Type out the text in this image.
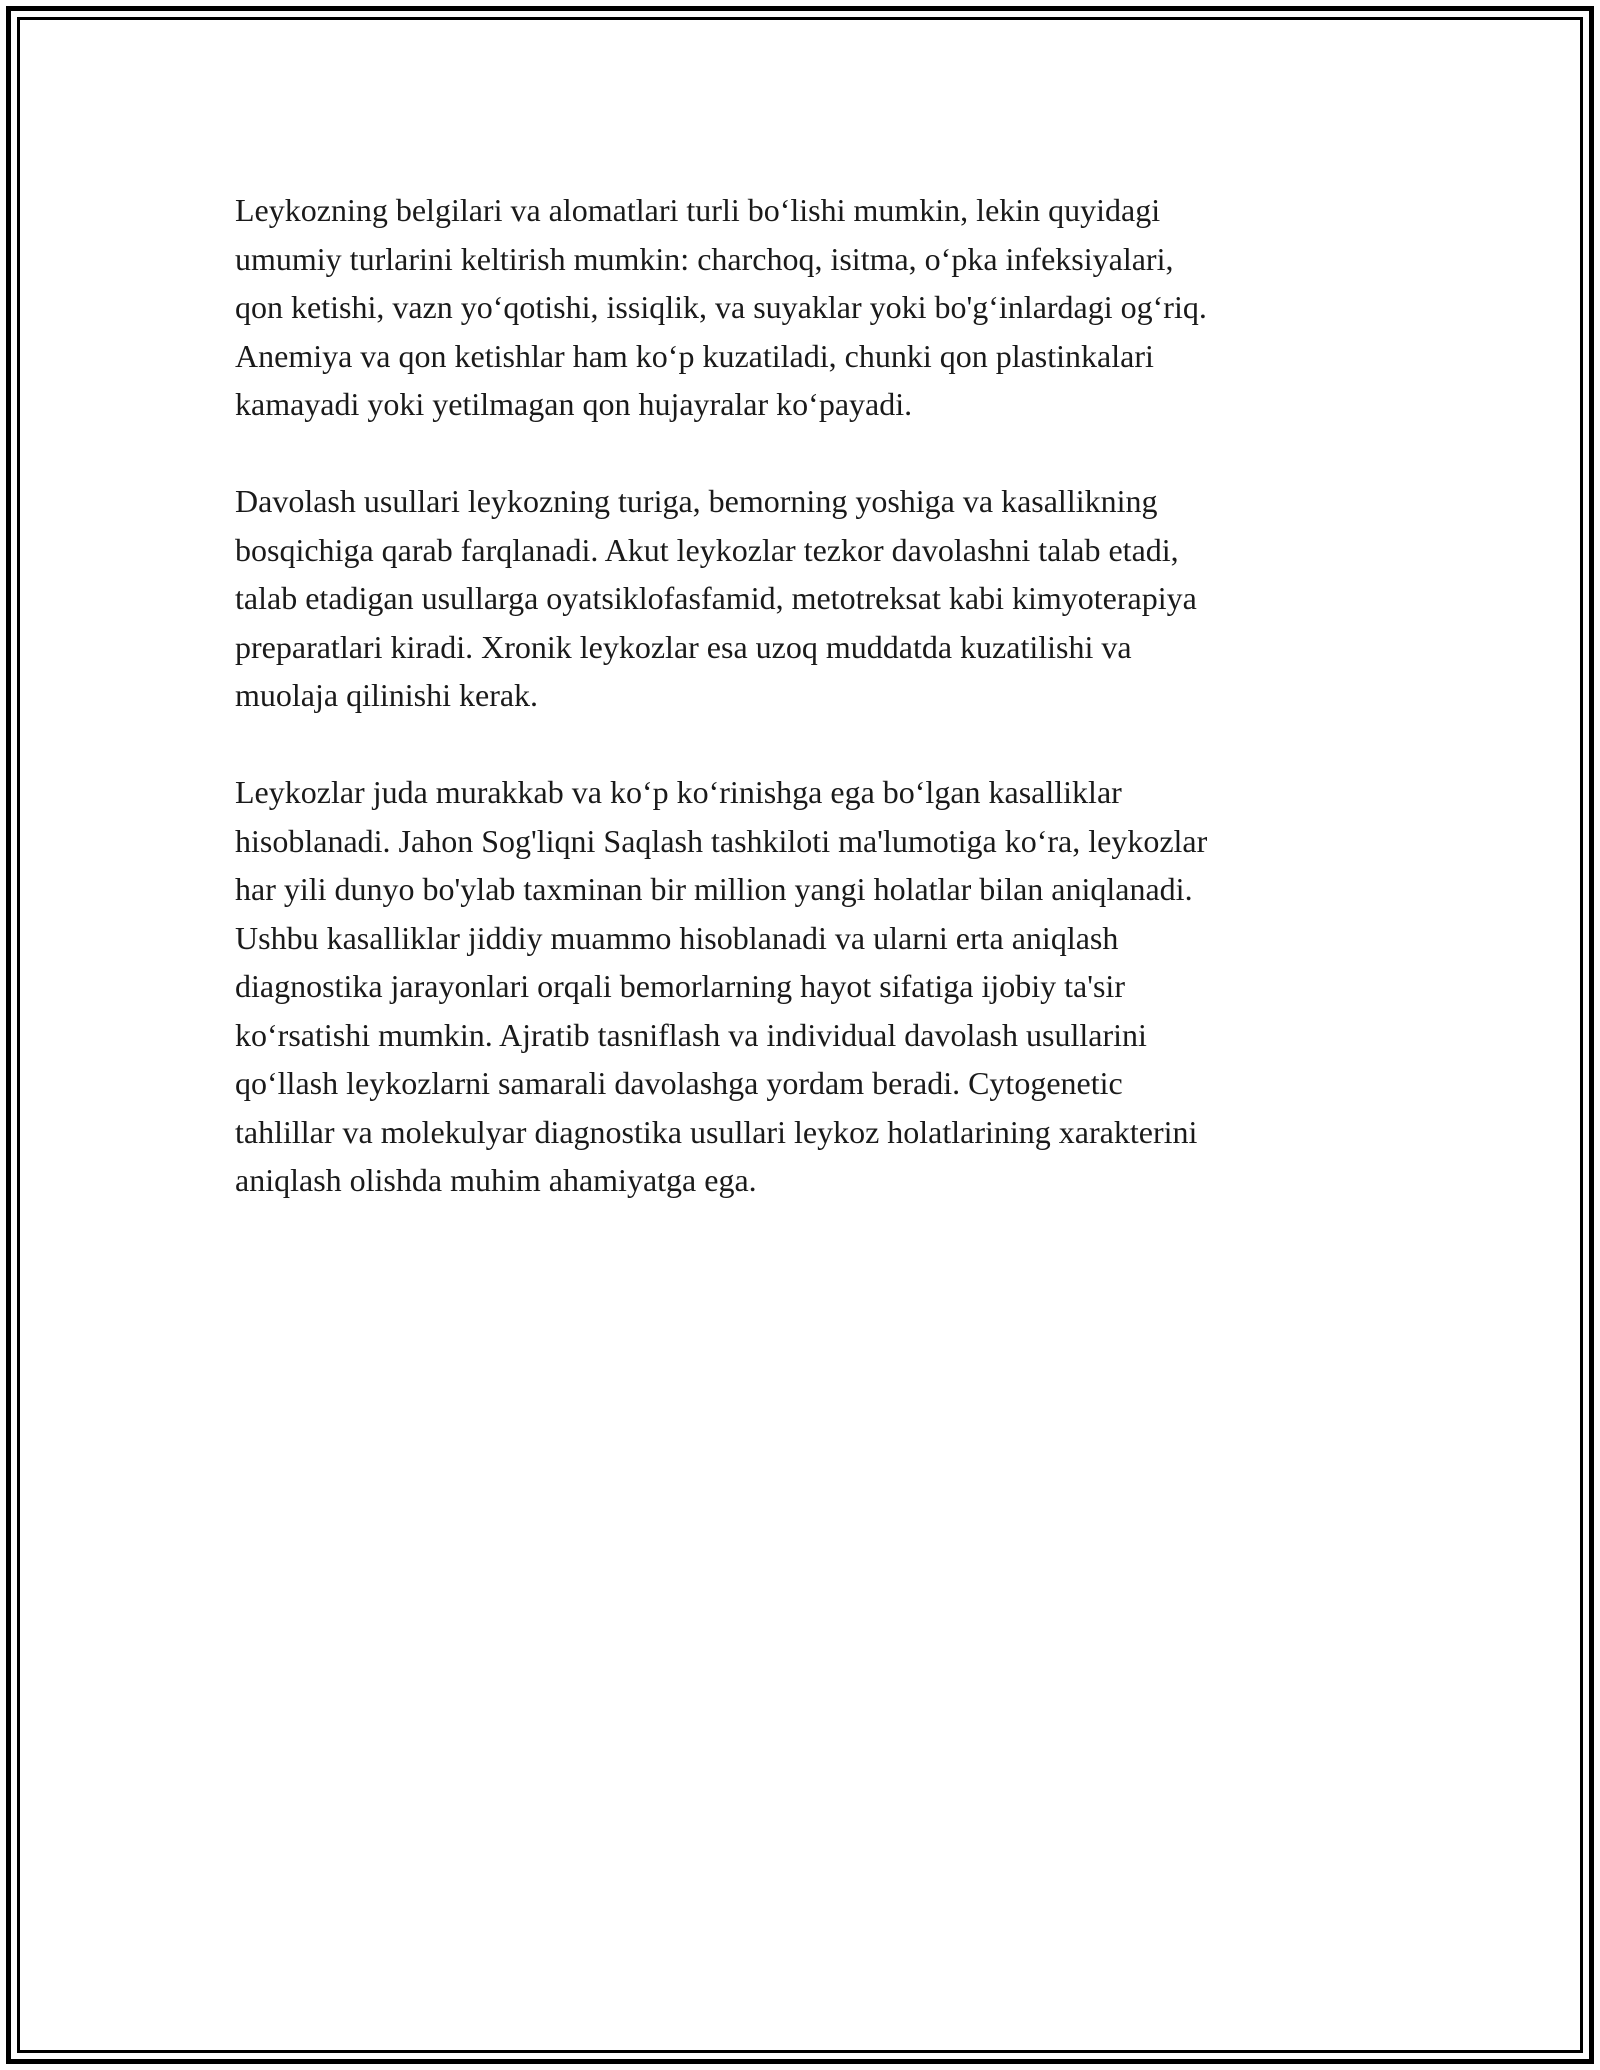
Leykozning belgilari va alomatlari turli bo‘lishi mumkin, lekin quyidagi
umumiy turlarini keltirish mumkin: charchoq, isitma, o‘pka infeksiyalari,
qon ketishi, vazn yo‘qotishi, issiqlik, va suyaklar yoki bo'g‘inlardagi og‘riq.
Anemiya va qon ketishlar ham ko‘p kuzatiladi, chunki qon plastinkalari
kamayadi yoki yetilmagan qon hujayralar ko‘payadi.

Davolash usullari leykozning turiga, bemorning yoshiga va kasallikning
bosqichiga qarab farqlanadi. Akut leykozlar tezkor davolashni talab etadi,
talab etadigan usullarga oyatsiklofasfamid, metotreksat kabi kimyoterapiya
preparatlari kiradi. Xronik leykozlar esa uzoq muddatda kuzatilishi va
muolaja qilinishi kerak.

Leykozlar juda murakkab va ko‘p ko‘rinishga ega bo‘lgan kasalliklar
hisoblanadi. Jahon Sog'liqni Saqlash tashkiloti ma'lumotiga ko‘ra, leykozlar
har yili dunyo bo'ylab taxminan bir million yangi holatlar bilan aniqlanadi.
Ushbu kasalliklar jiddiy muammo hisoblanadi va ularni erta aniqlash
diagnostika jarayonlari orqali bemorlarning hayot sifatiga ijobiy ta'sir
ko‘rsatishi mumkin. Ajratib tasniflash va individual davolash usullarini
qo‘llash leykozlarni samarali davolashga yordam beradi. Cytogenetic
tahlillar va molekulyar diagnostika usullari leykoz holatlarining xarakterini
aniqlash olishda muhim ahamiyatga ega.
